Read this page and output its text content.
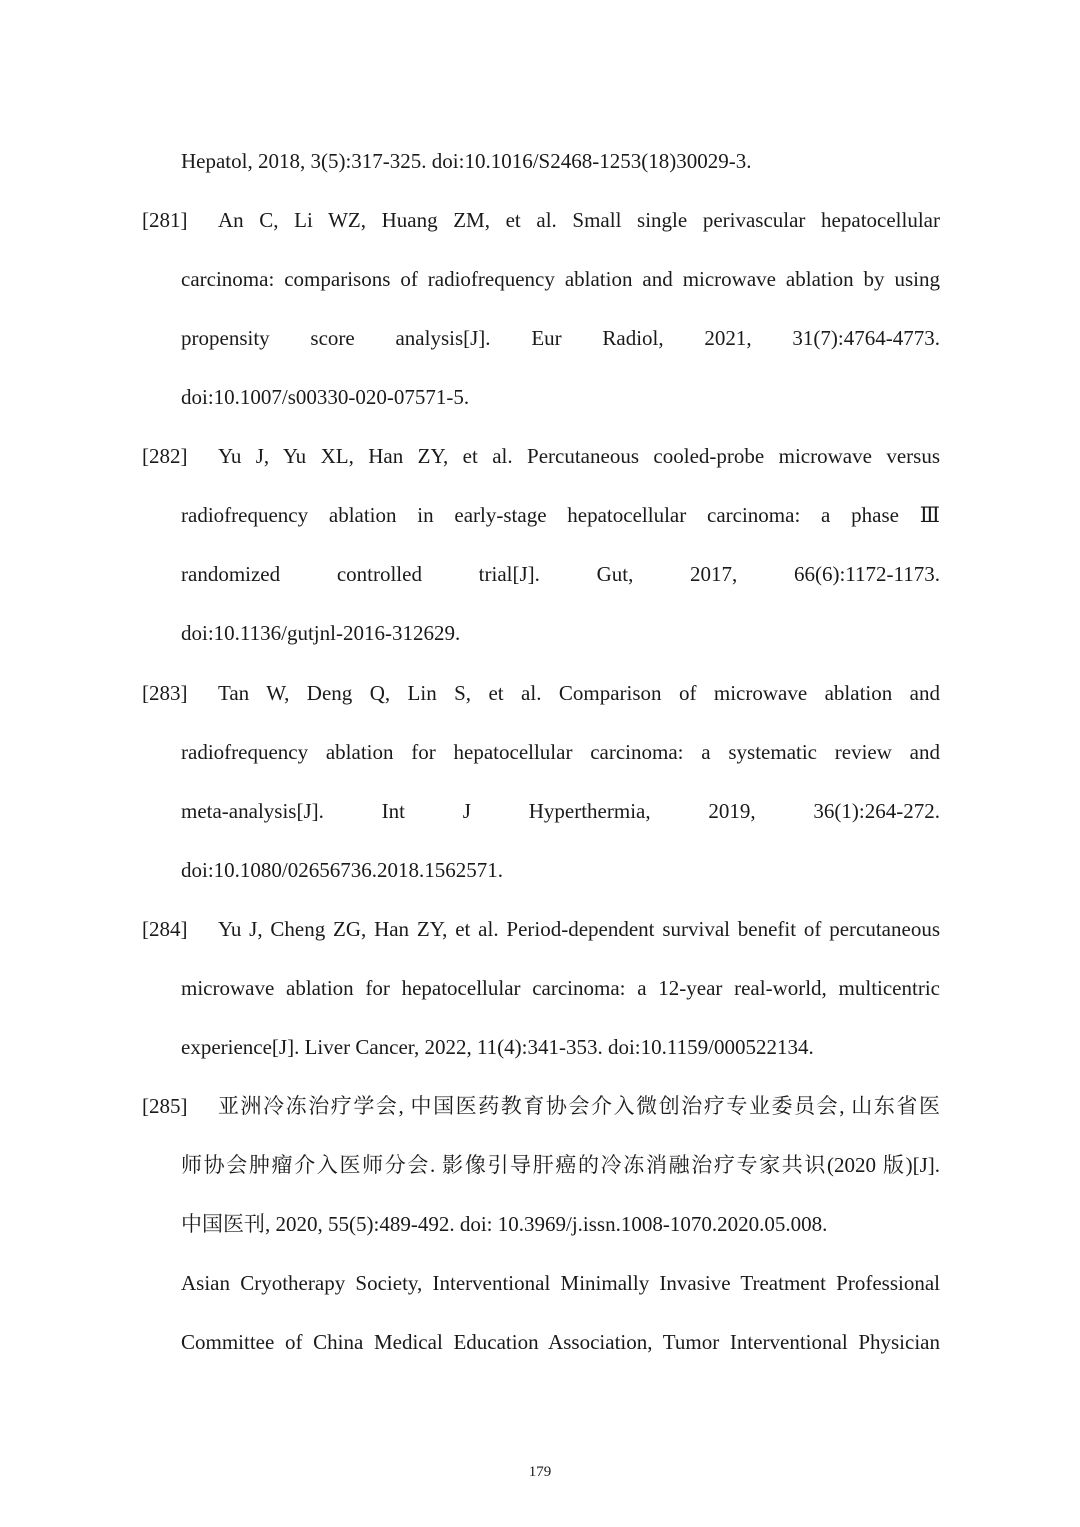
Hepatol, 2018, 3(5):317-325. doi:10.1016/S2468-1253(18)30029-3.
[281] An C, Li WZ, Huang ZM, et al. Small single perivascular hepatocellular
carcinoma: comparisons of radiofrequency ablation and microwave ablation by using
propensity score analysis[J]. Eur Radiol, 2021, 31(7):4764-4773.
doi:10.1007/s00330-020-07571-5.
[282] Yu J, Yu XL, Han ZY, et al. Percutaneous cooled-probe microwave versus
radiofrequency ablation in early-stage hepatocellular carcinoma: a phase Ⅲ
randomized controlled trial[J]. Gut, 2017, 66(6):1172-1173.
doi:10.1136/gutjnl-2016-312629.
[283] Tan W, Deng Q, Lin S, et al. Comparison of microwave ablation and
radiofrequency ablation for hepatocellular carcinoma: a systematic review and
meta-analysis[J]. Int J Hyperthermia, 2019, 36(1):264-272.
doi:10.1080/02656736.2018.1562571.
[284] Yu J, Cheng ZG, Han ZY, et al. Period-dependent survival benefit of percutaneous
microwave ablation for hepatocellular carcinoma: a 12-year real-world, multicentric
experience[J]. Liver Cancer, 2022, 11(4):341-353. doi:10.1159/000522134.
[285] 亚洲冷冻治疗学会, 中国医药教育协会介入微创治疗专业委员会, 山东省医
师协会肿瘤介入医师分会. 影像引导肝癌的冷冻消融治疗专家共识(2020 版)[J].
中国医刊, 2020, 55(5):489-492. doi: 10.3969/j.issn.1008-1070.2020.05.008.
Asian Cryotherapy Society, Interventional Minimally Invasive Treatment Professional
Committee of China Medical Education Association, Tumor Interventional Physician
179
